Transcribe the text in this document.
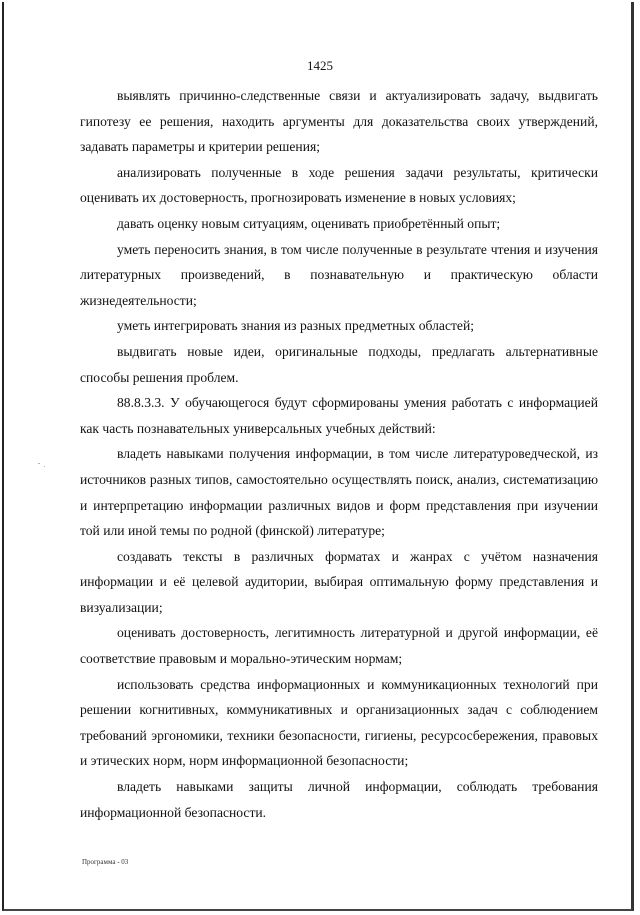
1425

выявлять причинно-следственные связи и актуализировать задачу, выдвигать гипотезу ее решения, находить аргументы для доказательства своих утверждений, задавать параметры и критерии решения;

анализировать полученные в ходе решения задачи результаты, критически оценивать их достоверность, прогнозировать изменение в новых условиях;

давать оценку новым ситуациям, оценивать приобретённый опыт;

уметь переносить знания, в том числе полученные в результате чтения и изучения литературных произведений, в познавательную и практическую области жизнедеятельности;

уметь интегрировать знания из разных предметных областей;

выдвигать новые идеи, оригинальные подходы, предлагать альтернативные способы решения проблем.

88.8.3.3. У обучающегося будут сформированы умения работать с информацией как часть познавательных универсальных учебных действий:

владеть навыками получения информации, в том числе литературоведческой, из источников разных типов, самостоятельно осуществлять поиск, анализ, систематизацию и интерпретацию информации различных видов и форм представления при изучении той или иной темы по родной (финской) литературе;

создавать тексты в различных форматах и жанрах с учётом назначения информации и её целевой аудитории, выбирая оптимальную форму представления и визуализации;

оценивать достоверность, легитимность литературной и другой информации, её соответствие правовым и морально-этическим нормам;

использовать средства информационных и коммуникационных технологий при решении когнитивных, коммуникативных и организационных задач с соблюдением требований эргономики, техники безопасности, гигиены, ресурсосбережения, правовых и этических норм, норм информационной безопасности;

владеть навыками защиты личной информации, соблюдать требования информационной безопасности.

Программа - 03
